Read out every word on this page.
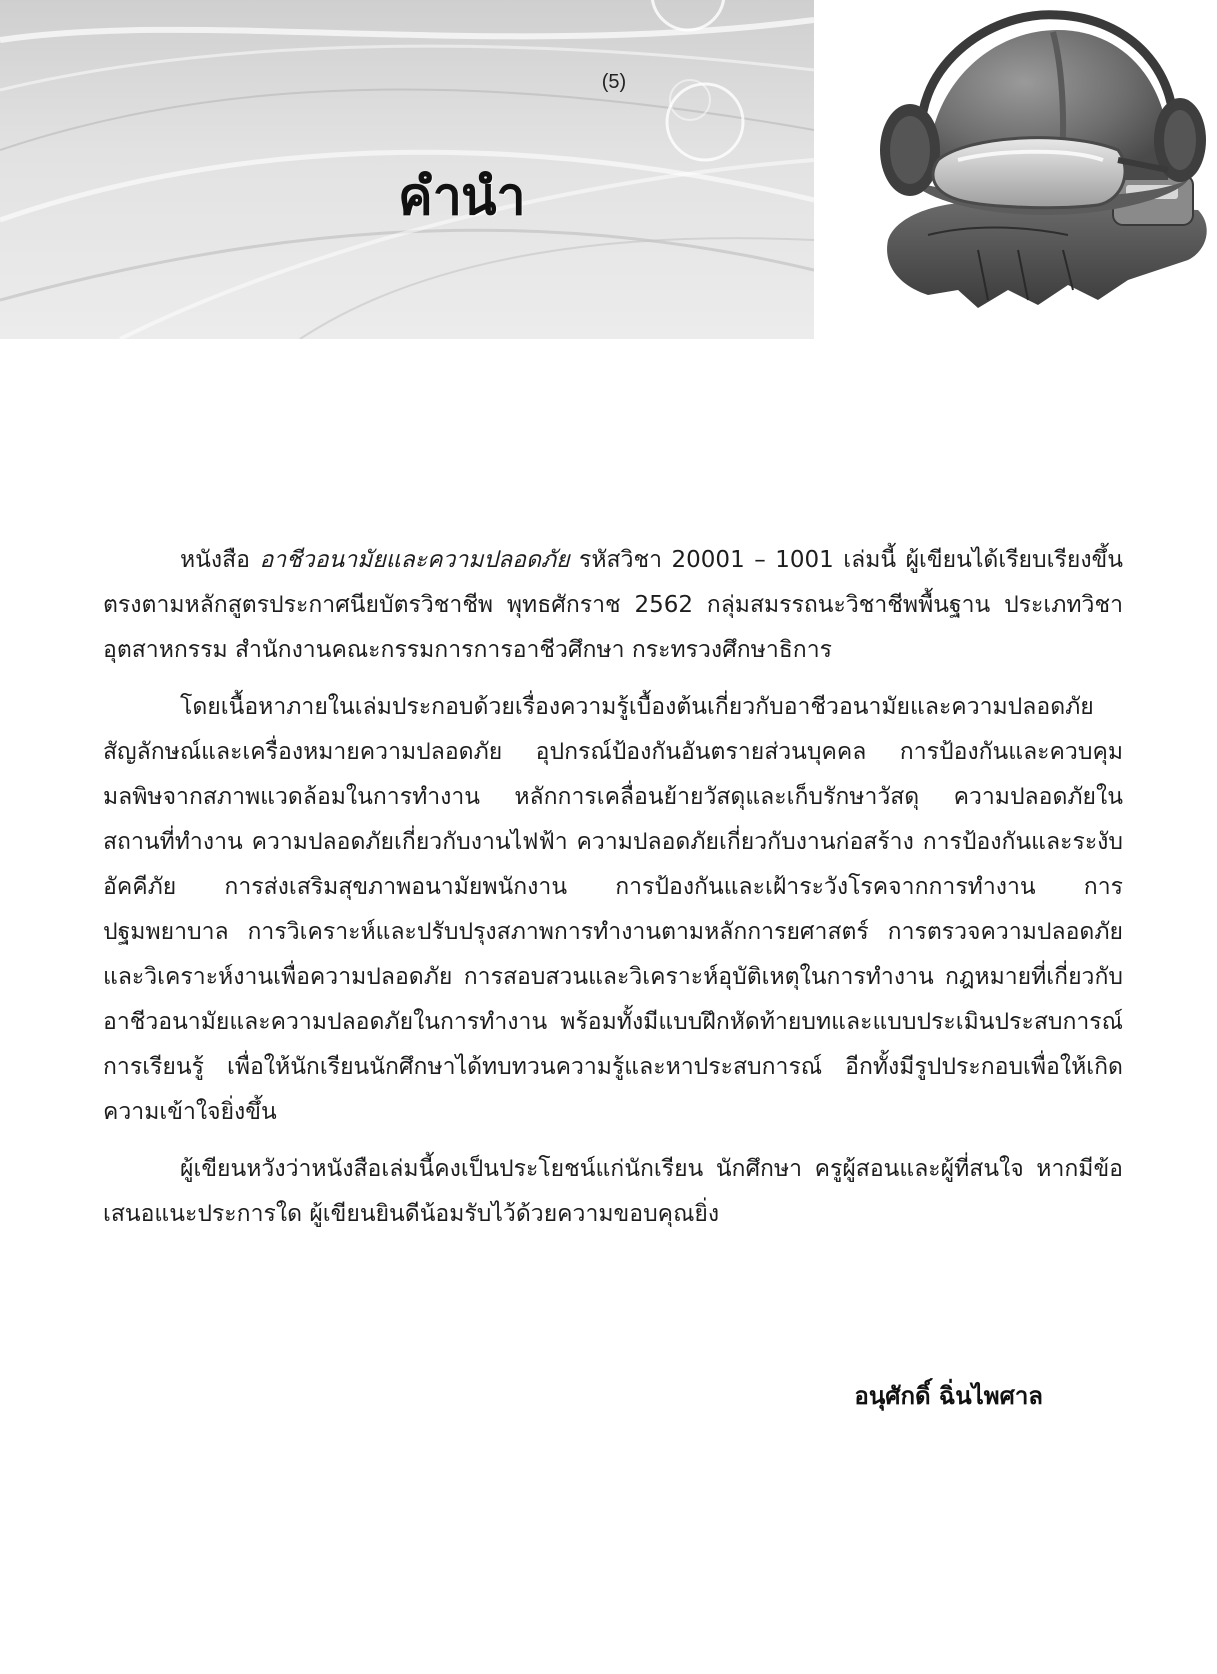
(5)
คำนำ

หนังสือ อาชีวอนามัยและความปลอดภัย รหัสวิชา 20001 – 1001 เล่มนี้ ผู้เขียนได้เรียบเรียงขึ้นตรงตามหลักสูตรประกาศนียบัตรวิชาชีพ พุทธศักราช 2562 กลุ่มสมรรถนะวิชาชีพพื้นฐาน ประเภทวิชาอุตสาหกรรม สำนักงานคณะกรรมการการอาชีวศึกษา กระทรวงศึกษาธิการ

โดยเนื้อหาภายในเล่มประกอบด้วยเรื่องความรู้เบื้องต้นเกี่ยวกับอาชีวอนามัยและความปลอดภัย สัญลักษณ์และเครื่องหมายความปลอดภัย อุปกรณ์ป้องกันอันตรายส่วนบุคคล การป้องกันและควบคุมมลพิษจากสภาพแวดล้อมในการทำงาน หลักการเคลื่อนย้ายวัสดุและเก็บรักษาวัสดุ ความปลอดภัยในสถานที่ทำงาน ความปลอดภัยเกี่ยวกับงานไฟฟ้า ความปลอดภัยเกี่ยวกับงานก่อสร้าง การป้องกันและระงับอัคคีภัย การส่งเสริมสุขภาพอนามัยพนักงาน การป้องกันและเฝ้าระวังโรคจากการทำงาน การปฐมพยาบาล การวิเคราะห์และปรับปรุงสภาพการทำงานตามหลักการยศาสตร์ การตรวจความปลอดภัยและวิเคราะห์งานเพื่อความปลอดภัย การสอบสวนและวิเคราะห์อุบัติเหตุในการทำงาน กฎหมายที่เกี่ยวกับอาชีวอนามัยและความปลอดภัยในการทำงาน พร้อมทั้งมีแบบฝึกหัดท้ายบทและแบบประเมินประสบการณ์การเรียนรู้ เพื่อให้นักเรียนนักศึกษาได้ทบทวนความรู้และหาประสบการณ์ อีกทั้งมีรูปประกอบเพื่อให้เกิดความเข้าใจยิ่งขึ้น

ผู้เขียนหวังว่าหนังสือเล่มนี้คงเป็นประโยชน์แก่นักเรียน นักศึกษา ครูผู้สอนและผู้ที่สนใจ หากมีข้อเสนอแนะประการใด ผู้เขียนยินดีน้อมรับไว้ด้วยความขอบคุณยิ่ง

อนุศักดิ์ ฉิ่นไพศาล
